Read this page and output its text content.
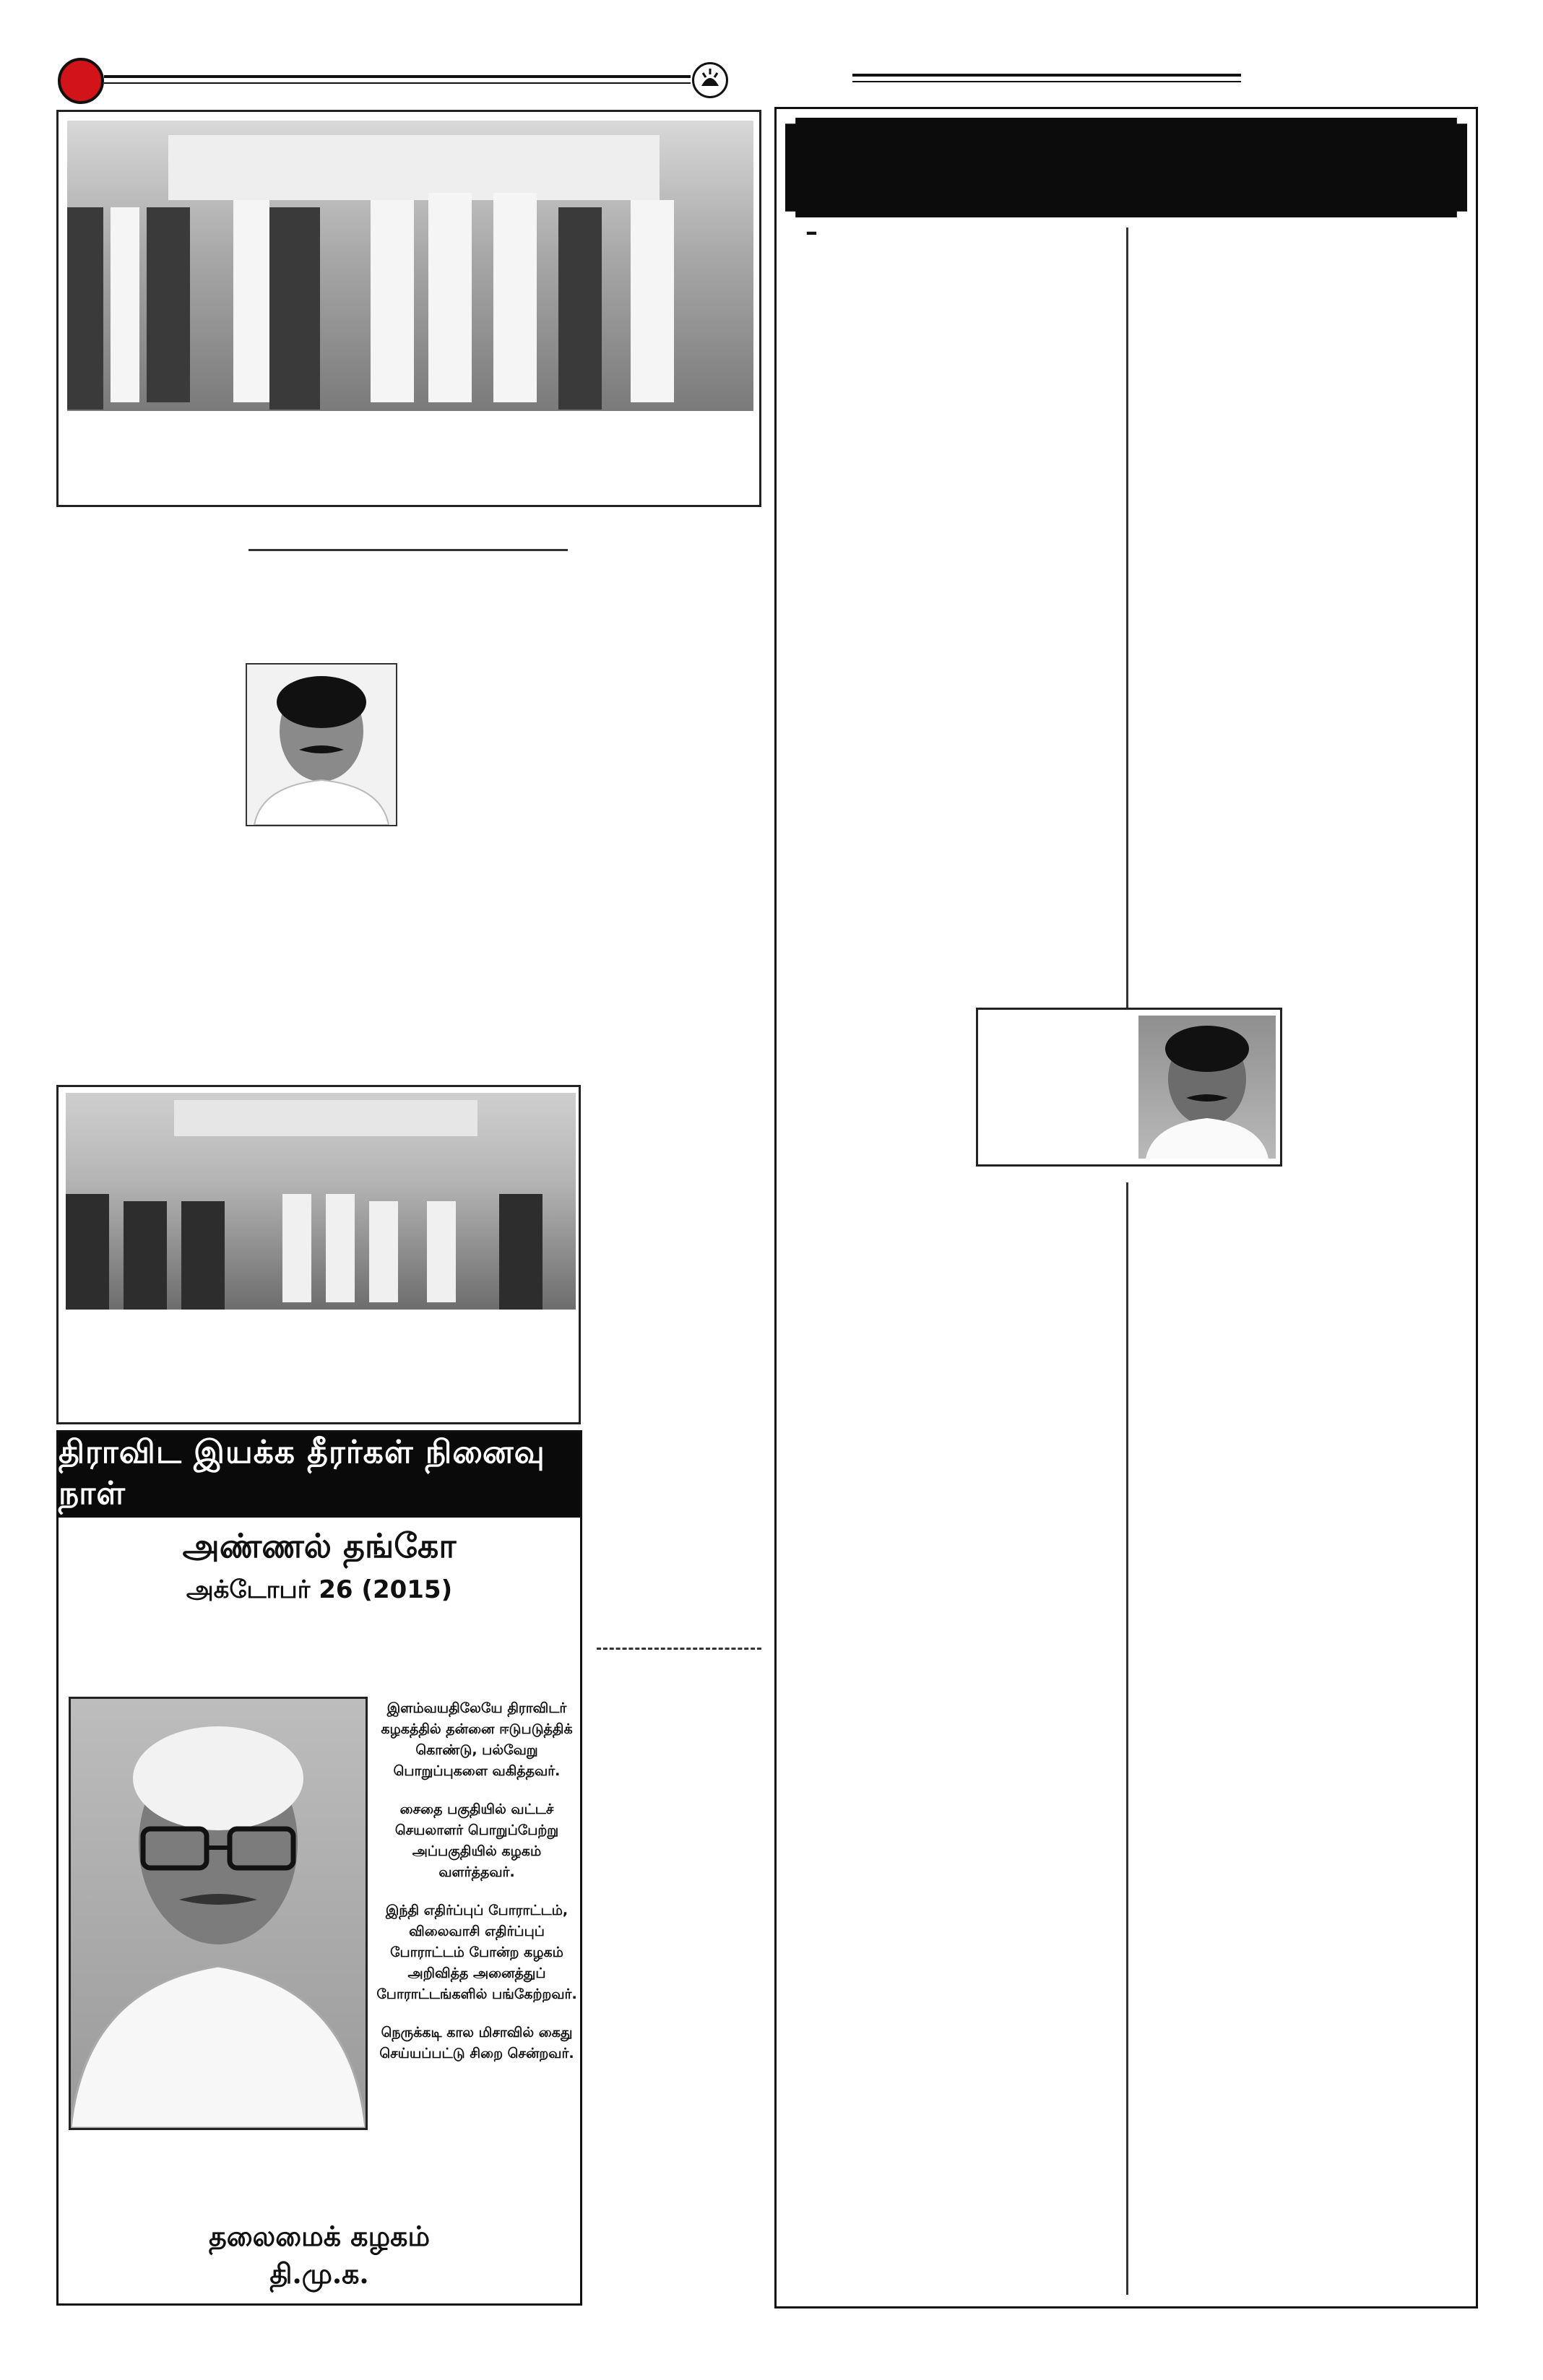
திராவிட இயக்க தீரர்கள் நினைவு நாள்
அண்ணல் தங்கோ
அக்டோபர் 26 (2015)

இளம்வயதிலேயே திராவிடர் கழகத்தில் தன்னை ஈடுபடுத்திக் கொண்டு, பல்வேறு பொறுப்புகளை வகித்தவர்.

சைதை பகுதியில் வட்டச் செயலாளர் பொறுப்பேற்று அப்பகுதியில் கழகம் வளர்த்தவர்.

இந்தி எதிர்ப்புப் போராட்டம், விலைவாசி எதிர்ப்புப் போராட்டம் போன்ற கழகம் அறிவித்த அனைத்துப் போராட்டங்களில் பங்கேற்றவர்.

நெருக்கடி கால மிசாவில் கைது செய்யப்பட்டு சிறை சென்றவர்.

தலைமைக் கழகம்
தி.மு.க.
–
